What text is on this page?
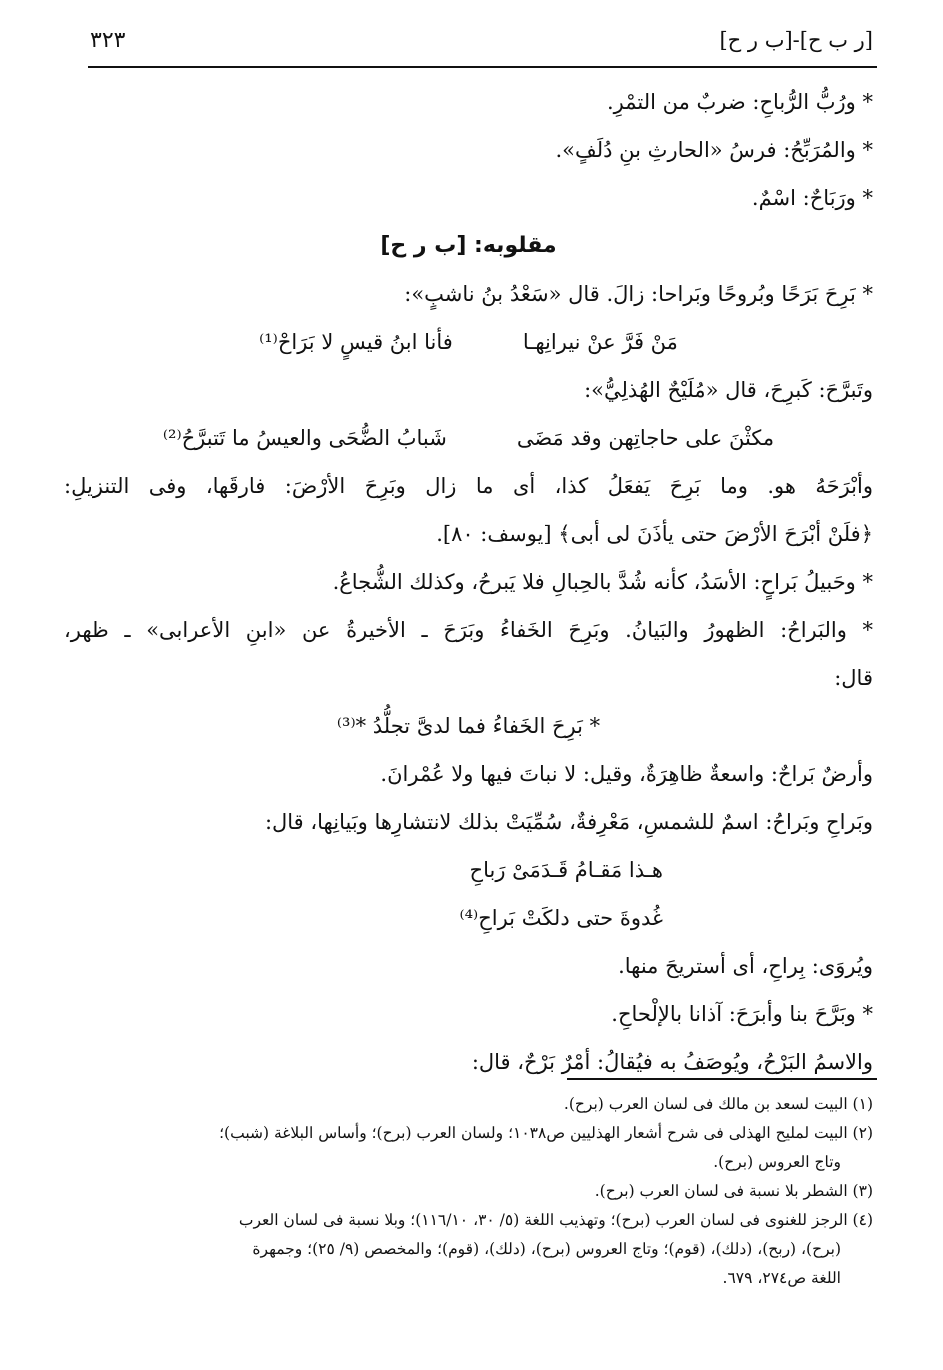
[ر ب ح]-[ب ر ح]
٣٢٣
* ورُبُّ الرُّباحِ: ضربٌ من التمْرِ.
* والمُرَبِّحُ: فرسُ «الحارثِ بنِ دُلَفٍ».
* ورَبَاحٌ: اسْمٌ.
مقلوبه: [ب ر ح]
* بَرِحَ بَرَحًا وبُروحًا وبَراحا: زالَ. قال «سَعْدُ بنُ ناشبٍ»:
مَنْ فَرَّ عنْ نيرانِهـا
فأنا ابنُ قيسٍ لا بَرَاحْ⁽¹⁾
وتَبرَّحَ: كَبرِحَ، قال «مُلَيْحٌ الهُذلِيُّ»:
مكثْنَ على حاجاتِهن وقد مَضَى
شَبابُ الضُّحَى والعيسُ ما تَتبرَّحُ⁽²⁾
وأبْرَحَهُ هو. وما بَرِحَ يَفعَلُ كذا، أى ما زال وبَرِحَ الأرْضَ: فارقَها، وفى التنزيلِ:
﴿فلَنْ أبْرَحَ الأرْضَ حتى يأذَنَ لى أبى﴾ [يوسف: ٨٠].
* وحَبيلُ بَراحٍ: الأسَدُ، كأنه شُدَّ بالحِبالِ فلا يَبرحُ، وكذلك الشُّجاعُ.
* والبَراحُ: الظهورُ والبَيانُ. وبَرِحَ الخَفاءُ وبَرَحَ ـ الأخيرةُ عن «ابنِ الأعرابى» ـ ظهر،
قال:
* بَرِحَ الخَفاءُ فما لدىَّ تجلُّدُ *⁽³⁾
وأرضٌ بَراحٌ: واسعةٌ ظاهِرَةٌ، وقيل: لا نباتَ فيها ولا عُمْرانَ.
وبَراحِ وبَراحُ: اسمٌ للشمسِ، مَعْرِفةٌ، سُمِّيَتْ بذلك لانتشارِها وبَيانِها، قال:
هـذا مَقـامُ قَـدَمَىْ رَباحِ
غُدوةَ حتى دلكَتْ بَراحِ⁽⁴⁾
ويُروَى: بِراحِ، أى أستريحَ منها.
* وبَرَّحَ بنا وأبرَحَ: آذانا بالإلْحاحِ.
والاسمُ البَرْحُ، ويُوصَفُ به فيُقالُ: أمْرٌ بَرْحٌ، قال:
(١) البيت لسعد بن مالك فى لسان العرب (برح).
(٢) البيت لمليح الهذلى فى شرح أشعار الهذليين ص١٠٣٨؛ ولسان العرب (برح)؛ وأساس البلاغة (شبب)؛
وتاج العروس (برح).
(٣) الشطر بلا نسبة فى لسان العرب (برح).
(٤) الرجز للغنوى فى لسان العرب (برح)؛ وتهذيب اللغة (٥/ ٣٠، ١١٦/١٠)؛ وبلا نسبة فى لسان العرب
(برح)، (ربح)، (دلك)، (قوم)؛ وتاج العروس (برح)، (دلك)، (قوم)؛ والمخصص (٩/ ٢٥)؛ وجمهرة
اللغة ص٢٧٤، ٦٧٩.
